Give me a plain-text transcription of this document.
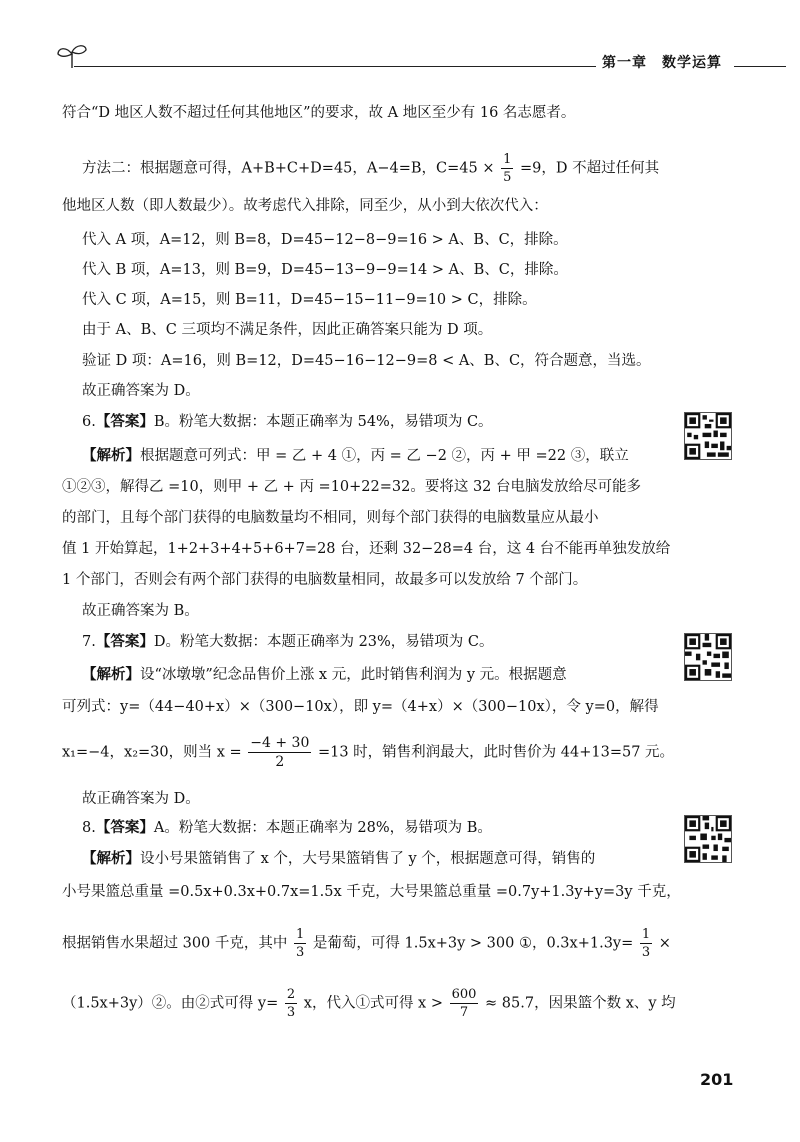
第一章　数学运算
符合“D 地区人数不超过任何其他地区”的要求，故 A 地区至少有 16 名志愿者。
方法二：根据题意可得，A+B+C+D=45，A−4=B，$C=45 \times \frac{1}{5} =9$，D 不超过任何其
他地区人数（即人数最少）。故考虑代入排除，同至少，从小到大依次代入：
代入 A 项，A=12，则 B=8，D=45−12−8−9=16 > A、B、C，排除。
代入 B 项，A=13，则 B=9，D=45−13−9−9=14 > A、B、C，排除。
代入 C 项，A=15，则 B=11，D=45−15−11−9=10 > C，排除。
由于 A、B、C 三项均不满足条件，因此正确答案只能为 D 项。
验证 D 项：A=16，则 B=12，D=45−16−12−9=8 < A、B、C，符合题意，当选。
故正确答案为 D。
6.【答案】B。粉笔大数据：本题正确率为 54%，易错项为 C。
【解析】根据题意可列式：甲 = 乙 + 4 ①，丙 = 乙 −2 ②，丙 + 甲 =22 ③，联立
①②③，解得乙 =10，则甲 + 乙 + 丙 =10+22=32。要将这 32 台电脑发放给尽可能多
的部门，且每个部门获得的电脑数量均不相同，则每个部门获得的电脑数量应从最小
值 1 开始算起，1+2+3+4+5+6+7=28 台，还剩 32−28=4 台，这 4 台不能再单独发放给
1 个部门，否则会有两个部门获得的电脑数量相同，故最多可以发放给 7 个部门。
故正确答案为 B。
7.【答案】D。粉笔大数据：本题正确率为 23%，易错项为 C。
【解析】设“冰墩墩”纪念品售价上涨 x 元，此时销售利润为 y 元。根据题意
可列式：y=（44−40+x）×（300−10x），即 y=（4+x）×（300−10x），令 y=0，解得
x₁=−4，x₂=30，则当 $x = \frac{-4 + 30}{2} =13$ 时，销售利润最大，此时售价为 44+13=57 元。
故正确答案为 D。
8.【答案】A。粉笔大数据：本题正确率为 28%，易错项为 B。
【解析】设小号果篮销售了 x 个，大号果篮销售了 y 个，根据题意可得，销售的
小号果篮总重量 =0.5x+0.3x+0.7x=1.5x 千克，大号果篮总重量 =0.7y+1.3y+y=3y 千克，
根据销售水果超过 300 千克，其中 $\frac{1}{3}$ 是葡萄，可得 1.5x+3y > 300 ①，$0.3x+1.3y= \frac{1}{3}$ ×
（1.5x+3y）②。由②式可得 $y= \frac{2}{3}$ x，代入①式可得 $x > \frac{600}{7} \approx 85.7$，因果篮个数 x、y 均
201
